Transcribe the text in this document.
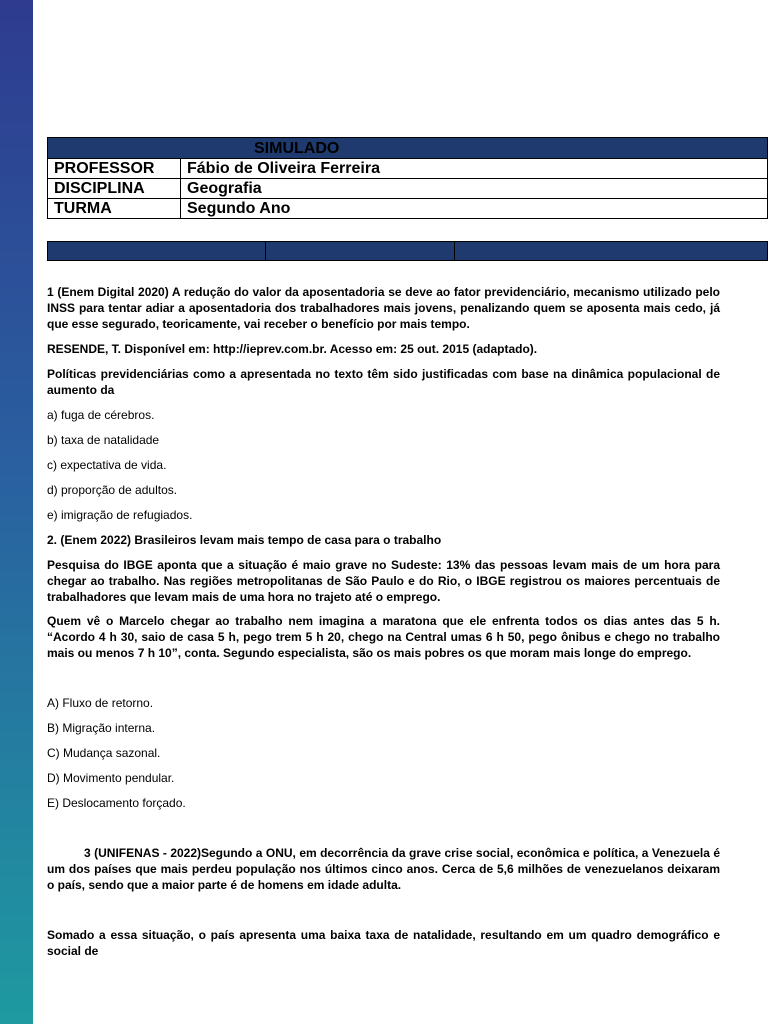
SIMULADO	
PROFESSOR	Fábio de Oliveira Ferreira
DISCIPLINA	Geografia
TURMA	Segundo Ano

1 (Enem Digital 2020) A redução do valor da aposentadoria se deve ao fator previdenciário, mecanismo utilizado pelo INSS para tentar adiar a aposentadoria dos trabalhadores mais jovens, penalizando quem se aposenta mais cedo, já que esse segurado, teoricamente, vai receber o benefício por mais tempo.

RESENDE, T. Disponível em: http://ieprev.com.br. Acesso em: 25 out. 2015 (adaptado).

Políticas previdenciárias como a apresentada no texto têm sido justificadas com base na dinâmica populacional de aumento da

a) fuga de cérebros.

b) taxa de natalidade

c) expectativa de vida.

d) proporção de adultos.

e) imigração de refugiados.

2. (Enem 2022) Brasileiros levam mais tempo de casa para o trabalho

Pesquisa do IBGE aponta que a situação é maio grave no Sudeste: 13% das pessoas levam mais de um hora para chegar ao trabalho. Nas regiões metropolitanas de São Paulo e do Rio, o IBGE registrou os maiores percentuais de trabalhadores que levam mais de uma hora no trajeto até o emprego.

Quem vê o Marcelo chegar ao trabalho nem imagina a maratona que ele enfrenta todos os dias antes das 5 h. “Acordo 4 h 30, saio de casa 5 h, pego trem 5 h 20, chego na Central umas 6 h 50, pego ônibus e chego no trabalho mais ou menos 7 h 10”, conta. Segundo especialista, são os mais pobres os que moram mais longe do emprego.

A) Fluxo de retorno.

B) Migração interna.

C) Mudança sazonal.

D) Movimento pendular.

E) Deslocamento forçado.

3 (UNIFENAS - 2022)Segundo a ONU, em decorrência da grave crise social, econômica e política, a Venezuela é um dos países que mais perdeu população nos últimos cinco anos. Cerca de 5,6 milhões de venezuelanos deixaram o país, sendo que a maior parte é de homens em idade adulta.

Somado a essa situação, o país apresenta uma baixa taxa de natalidade, resultando em um quadro demográfico e social de
